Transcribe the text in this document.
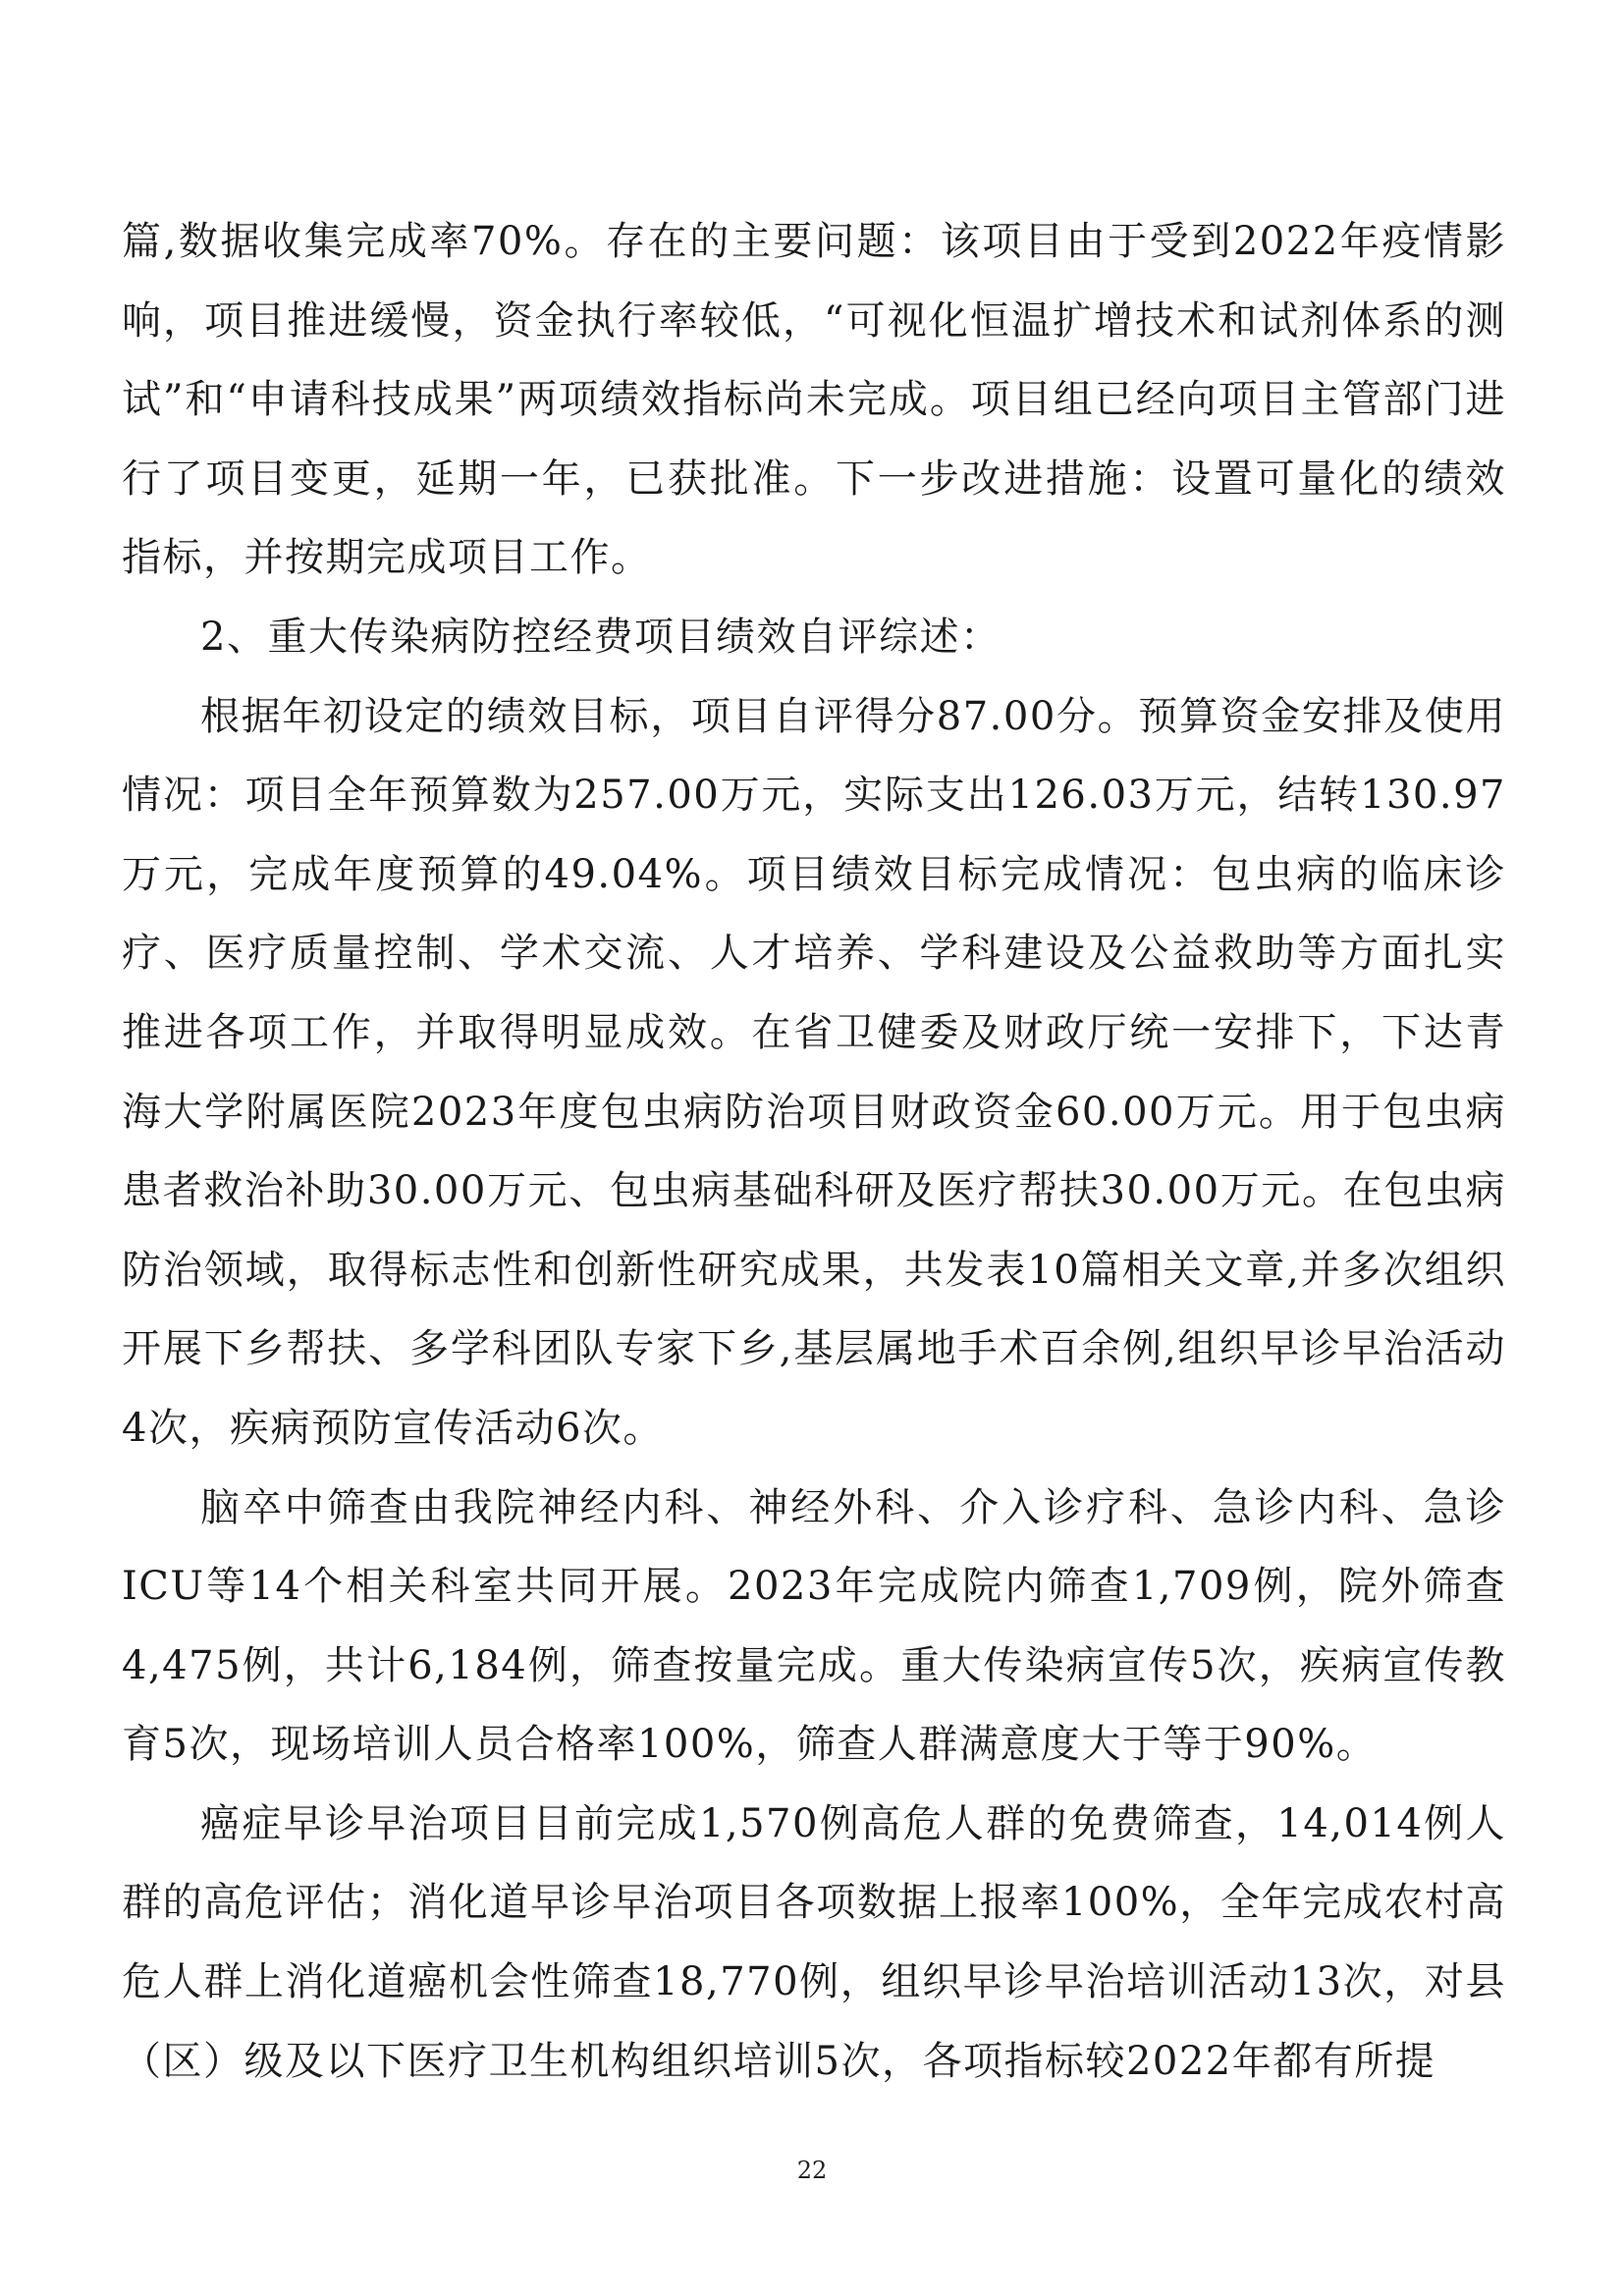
篇,数据收集完成率70%。存在的主要问题：该项目由于受到2022年疫情影响，项目推进缓慢，资金执行率较低，“可视化恒温扩增技术和试剂体系的测试”和“申请科技成果”两项绩效指标尚未完成。项目组已经向项目主管部门进行了项目变更，延期一年，已获批准。下一步改进措施：设置可量化的绩效指标，并按期完成项目工作。

2、重大传染病防控经费项目绩效自评综述：

根据年初设定的绩效目标，项目自评得分87.00分。预算资金安排及使用情况：项目全年预算数为257.00万元，实际支出126.03万元，结转130.97万元，完成年度预算的49.04%。项目绩效目标完成情况：包虫病的临床诊疗、医疗质量控制、学术交流、人才培养、学科建设及公益救助等方面扎实推进各项工作，并取得明显成效。在省卫健委及财政厅统一安排下，下达青海大学附属医院2023年度包虫病防治项目财政资金60.00万元。用于包虫病患者救治补助30.00万元、包虫病基础科研及医疗帮扶30.00万元。在包虫病防治领域，取得标志性和创新性研究成果，共发表10篇相关文章,并多次组织开展下乡帮扶、多学科团队专家下乡,基层属地手术百余例,组织早诊早治活动4次，疾病预防宣传活动6次。

脑卒中筛查由我院神经内科、神经外科、介入诊疗科、急诊内科、急诊ICU等14个相关科室共同开展。2023年完成院内筛查1,709例，院外筛查4,475例，共计6,184例，筛查按量完成。重大传染病宣传5次，疾病宣传教育5次，现场培训人员合格率100%，筛查人群满意度大于等于90%。

癌症早诊早治项目目前完成1,570例高危人群的免费筛查，14,014例人群的高危评估；消化道早诊早治项目各项数据上报率100%，全年完成农村高危人群上消化道癌机会性筛查18,770例，组织早诊早治培训活动13次，对县（区）级及以下医疗卫生机构组织培训5次，各项指标较2022年都有所提

22
